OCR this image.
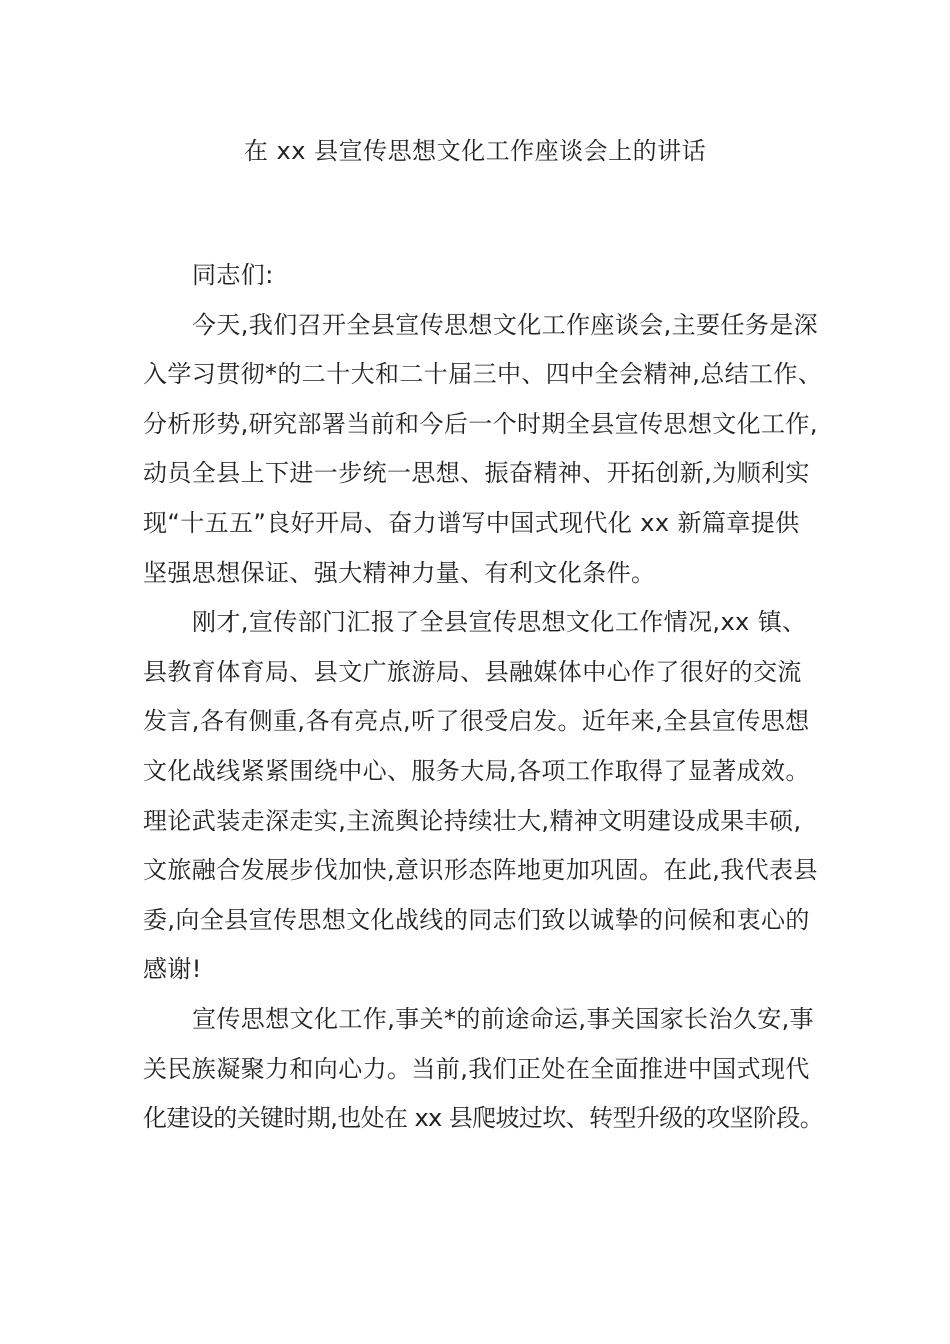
在 xx 县宣传思想文化工作座谈会上的讲话
同志们:
今天,我们召开全县宣传思想文化工作座谈会,主要任务是深
入学习贯彻*的二十大和二十届三中、四中全会精神,总结工作、
分析形势,研究部署当前和今后一个时期全县宣传思想文化工作,
动员全县上下进一步统一思想、振奋精神、开拓创新,为顺利实
现“十五五”良好开局、奋力谱写中国式现代化 xx 新篇章提供
坚强思想保证、强大精神力量、有利文化条件。
刚才,宣传部门汇报了全县宣传思想文化工作情况,xx 镇、
县教育体育局、县文广旅游局、县融媒体中心作了很好的交流
发言,各有侧重,各有亮点,听了很受启发。近年来,全县宣传思想
文化战线紧紧围绕中心、服务大局,各项工作取得了显著成效。
理论武装走深走实,主流舆论持续壮大,精神文明建设成果丰硕,
文旅融合发展步伐加快,意识形态阵地更加巩固。在此,我代表县
委,向全县宣传思想文化战线的同志们致以诚挚的问候和衷心的
感谢!
宣传思想文化工作,事关*的前途命运,事关国家长治久安,事
关民族凝聚力和向心力。当前,我们正处在全面推进中国式现代
化建设的关键时期,也处在 xx 县爬坡过坎、转型升级的攻坚阶段。
